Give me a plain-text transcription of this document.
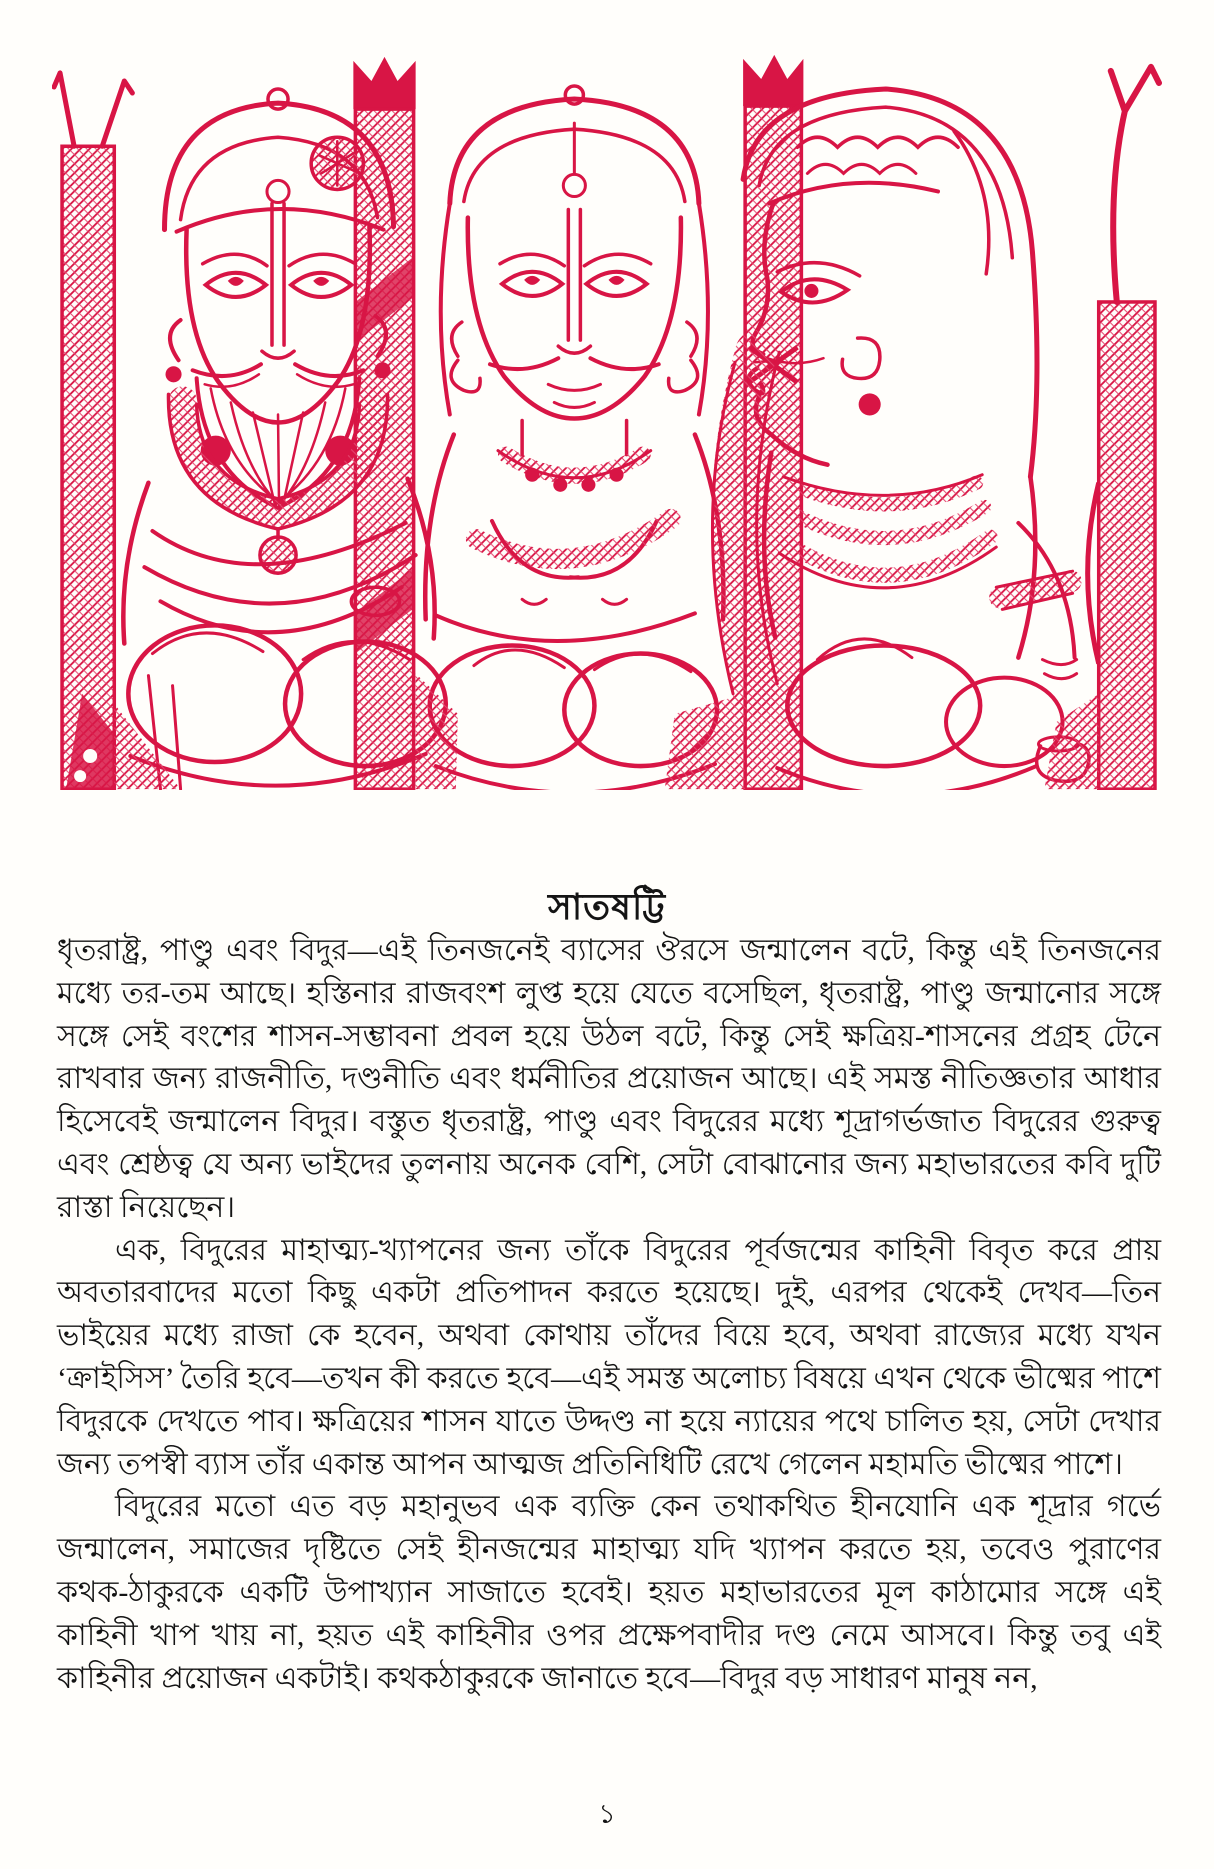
সাতষট্টি

ধৃতরাষ্ট্র, পাণ্ডু এবং বিদুর—এই তিনজনেই ব্যাসের ঔরসে জন্মালেন বটে, কিন্তু এই তিনজনের মধ্যে তর-তম আছে। হস্তিনার রাজবংশ লুপ্ত হয়ে যেতে বসেছিল, ধৃতরাষ্ট্র, পাণ্ডু জন্মানোর সঙ্গে সঙ্গে সেই বংশের শাসন-সম্ভাবনা প্রবল হয়ে উঠল বটে, কিন্তু সেই ক্ষত্রিয়-শাসনের প্রগ্রহ টেনে রাখবার জন্য রাজনীতি, দণ্ডনীতি এবং ধর্মনীতির প্রয়োজন আছে। এই সমস্ত নীতিজ্ঞতার আধার হিসেবেই জন্মালেন বিদুর। বস্তুত ধৃতরাষ্ট্র, পাণ্ডু এবং বিদুরের মধ্যে শূদ্রাগর্ভজাত বিদুরের গুরুত্ব এবং শ্রেষ্ঠত্ব যে অন্য ভাইদের তুলনায় অনেক বেশি, সেটা বোঝানোর জন্য মহাভারতের কবি দুটি রাস্তা নিয়েছেন।

এক, বিদুরের মাহাত্ম্য-খ্যাপনের জন্য তাঁকে বিদুরের পূর্বজন্মের কাহিনী বিবৃত করে প্রায় অবতারবাদের মতো কিছু একটা প্রতিপাদন করতে হয়েছে। দুই, এরপর থেকেই দেখব—তিন ভাইয়ের মধ্যে রাজা কে হবেন, অথবা কোথায় তাঁদের বিয়ে হবে, অথবা রাজ্যের মধ্যে যখন ‘ক্রাইসিস’ তৈরি হবে—তখন কী করতে হবে—এই সমস্ত অলোচ্য বিষয়ে এখন থেকে ভীষ্মের পাশে বিদুরকে দেখতে পাব। ক্ষত্রিয়ের শাসন যাতে উদ্দণ্ড না হয়ে ন্যায়ের পথে চালিত হয়, সেটা দেখার জন্য তপস্বী ব্যাস তাঁর একান্ত আপন আত্মজ প্রতিনিধিটি রেখে গেলেন মহামতি ভীষ্মের পাশে।

বিদুরের মতো এত বড় মহানুভব এক ব্যক্তি কেন তথাকথিত হীনযোনি এক শূদ্রার গর্ভে জন্মালেন, সমাজের দৃষ্টিতে সেই হীনজন্মের মাহাত্ম্য যদি খ্যাপন করতে হয়, তবেও পুরাণের কথক-ঠাকুরকে একটি উপাখ্যান সাজাতে হবেই। হয়ত মহাভারতের মূল কাঠামোর সঙ্গে এই কাহিনী খাপ খায় না, হয়ত এই কাহিনীর ওপর প্রক্ষেপবাদীর দণ্ড নেমে আসবে। কিন্তু তবু এই কাহিনীর প্রয়োজন একটাই। কথকঠাকুরকে জানাতে হবে—বিদুর বড় সাধারণ মানুষ নন,

১
